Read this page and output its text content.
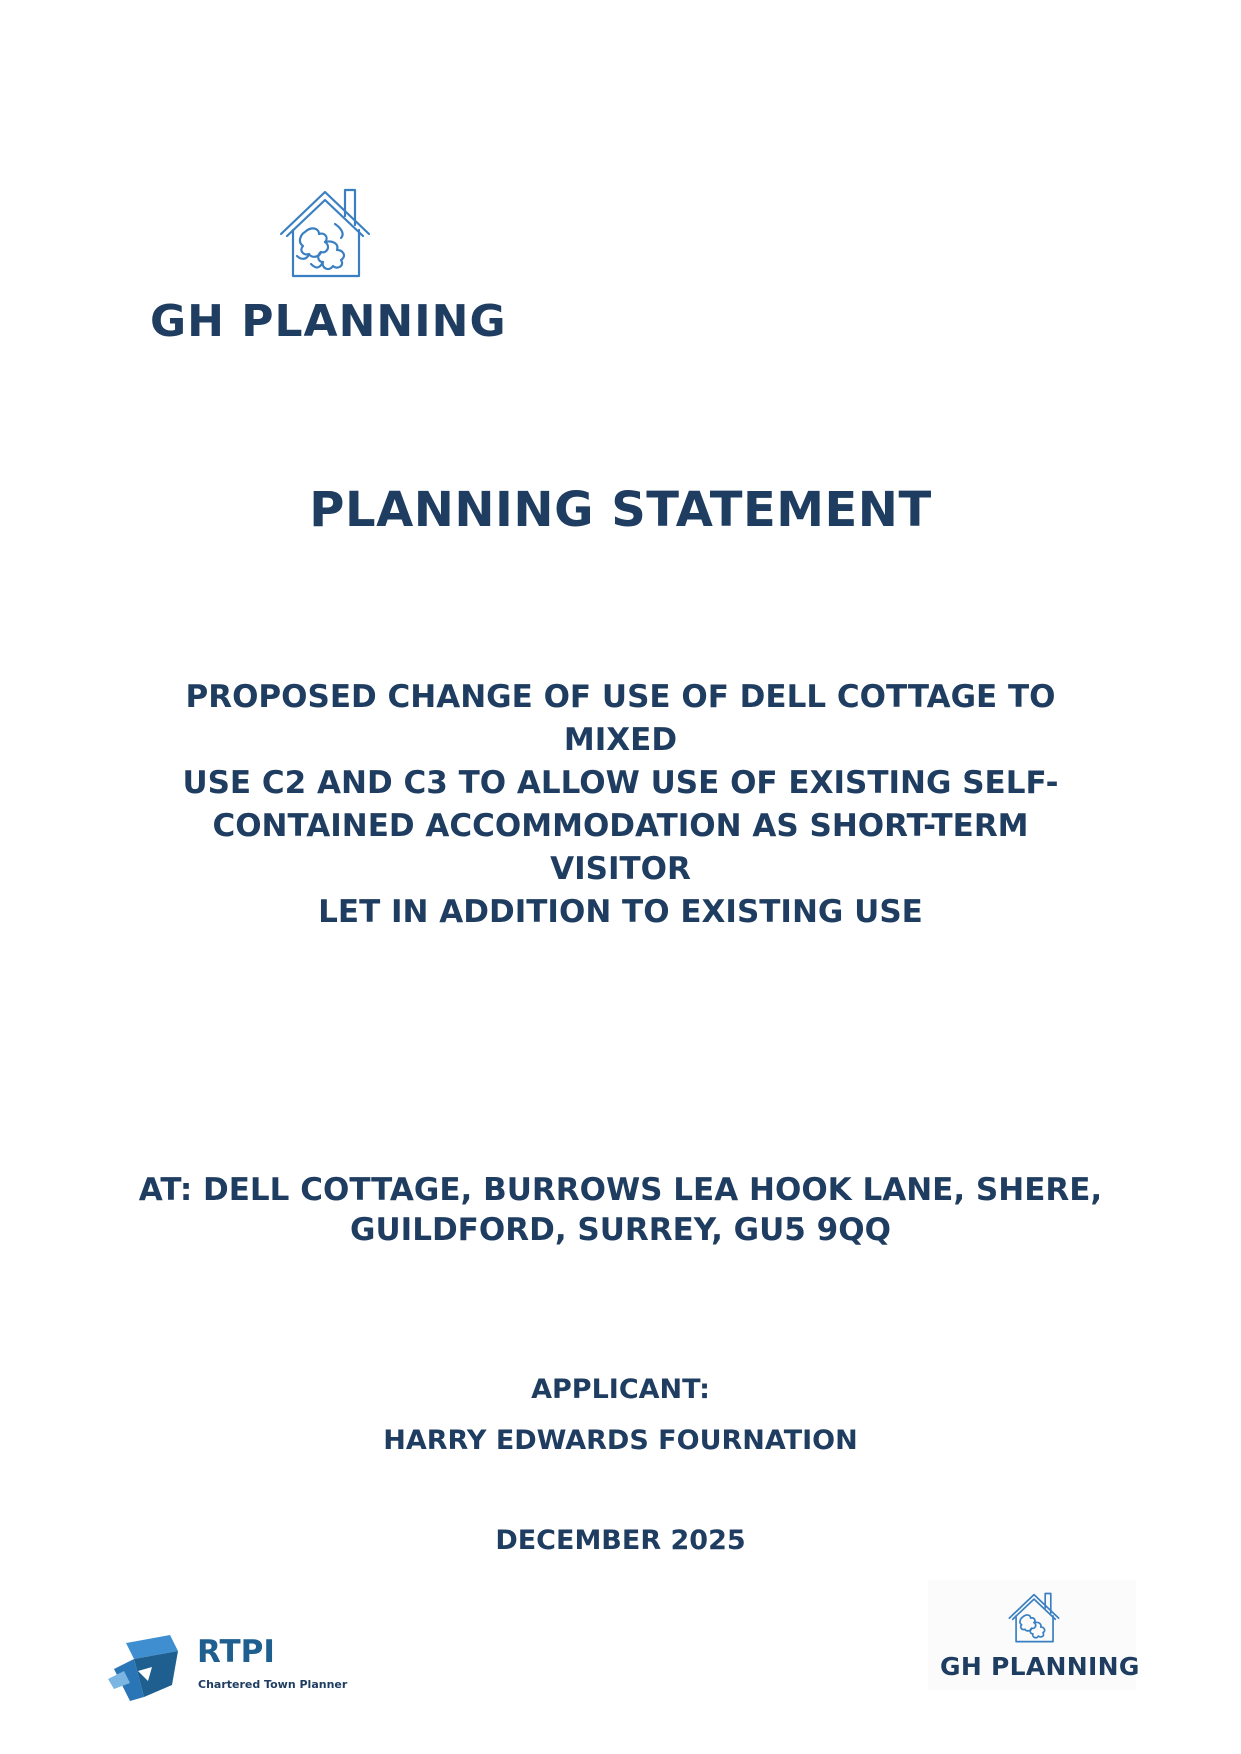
GH PLANNING
PLANNING STATEMENT
PROPOSED CHANGE OF USE OF DELL COTTAGE TO MIXED
USE C2 AND C3 TO ALLOW USE OF EXISTING SELF-
CONTAINED ACCOMMODATION AS SHORT-TERM VISITOR
LET IN ADDITION TO EXISTING USE
AT: DELL COTTAGE, BURROWS LEA HOOK LANE, SHERE,
GUILDFORD, SURREY, GU5 9QQ
APPLICANT:
HARRY EDWARDS FOURNATION
DECEMBER 2025
RTPI
Chartered Town Planner
GH PLANNING
